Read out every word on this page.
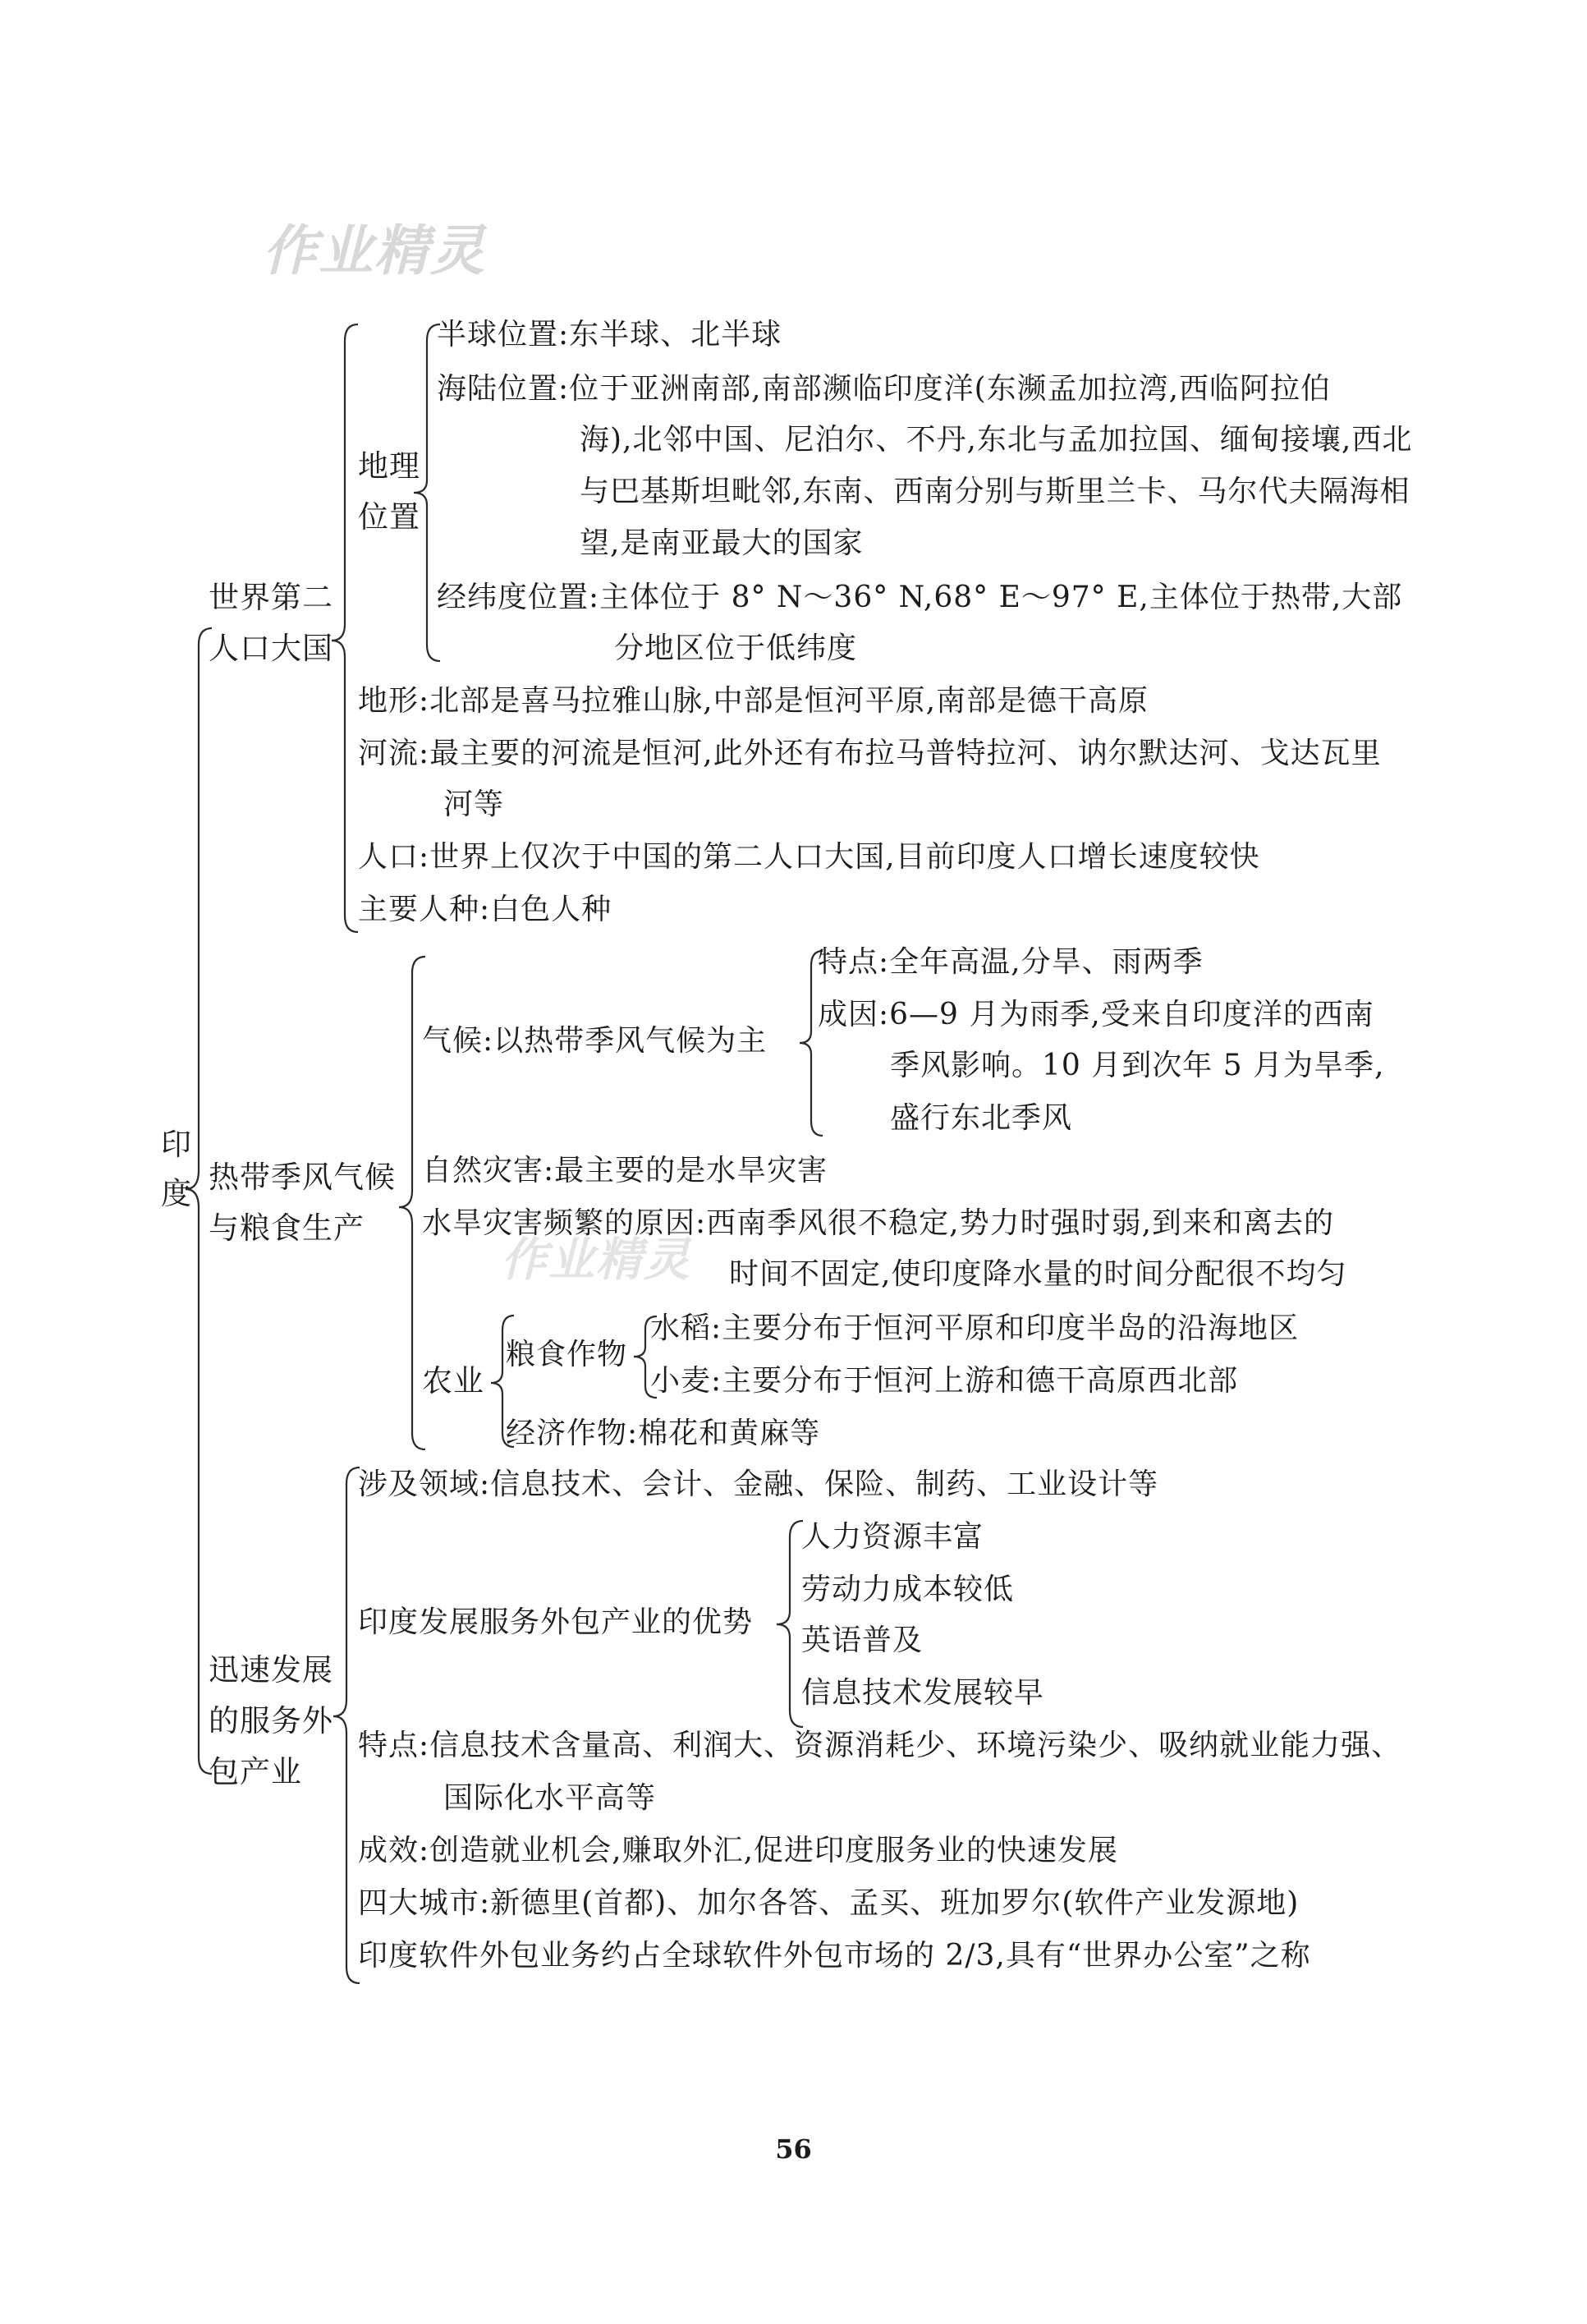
作业精灵
作业精灵
印
度
世界第二
人口大国
地理
位置
半球位置:东半球、北半球
海陆位置:位于亚洲南部,南部濒临印度洋(东濒孟加拉湾,西临阿拉伯
海),北邻中国、尼泊尔、不丹,东北与孟加拉国、缅甸接壤,西北
与巴基斯坦毗邻,东南、西南分别与斯里兰卡、马尔代夫隔海相
望,是南亚最大的国家
经纬度位置:主体位于 8° N～36° N,68° E～97° E,主体位于热带,大部
分地区位于低纬度
地形:北部是喜马拉雅山脉,中部是恒河平原,南部是德干高原
河流:最主要的河流是恒河,此外还有布拉马普特拉河、讷尔默达河、戈达瓦里
河等
人口:世界上仅次于中国的第二人口大国,目前印度人口增长速度较快
主要人种:白色人种
热带季风气候
与粮食生产
气候:以热带季风气候为主
特点:全年高温,分旱、雨两季
成因:6—9 月为雨季,受来自印度洋的西南
季风影响。10 月到次年 5 月为旱季,
盛行东北季风
自然灾害:最主要的是水旱灾害
水旱灾害频繁的原因:西南季风很不稳定,势力时强时弱,到来和离去的
时间不固定,使印度降水量的时间分配很不均匀
农业
粮食作物
水稻:主要分布于恒河平原和印度半岛的沿海地区
小麦:主要分布于恒河上游和德干高原西北部
经济作物:棉花和黄麻等
迅速发展
的服务外
包产业
涉及领域:信息技术、会计、金融、保险、制药、工业设计等
印度发展服务外包产业的优势
人力资源丰富
劳动力成本较低
英语普及
信息技术发展较早
特点:信息技术含量高、利润大、资源消耗少、环境污染少、吸纳就业能力强、
国际化水平高等
成效:创造就业机会,赚取外汇,促进印度服务业的快速发展
四大城市:新德里(首都)、加尔各答、孟买、班加罗尔(软件产业发源地)
印度软件外包业务约占全球软件外包市场的 2/3,具有“世界办公室”之称
56
